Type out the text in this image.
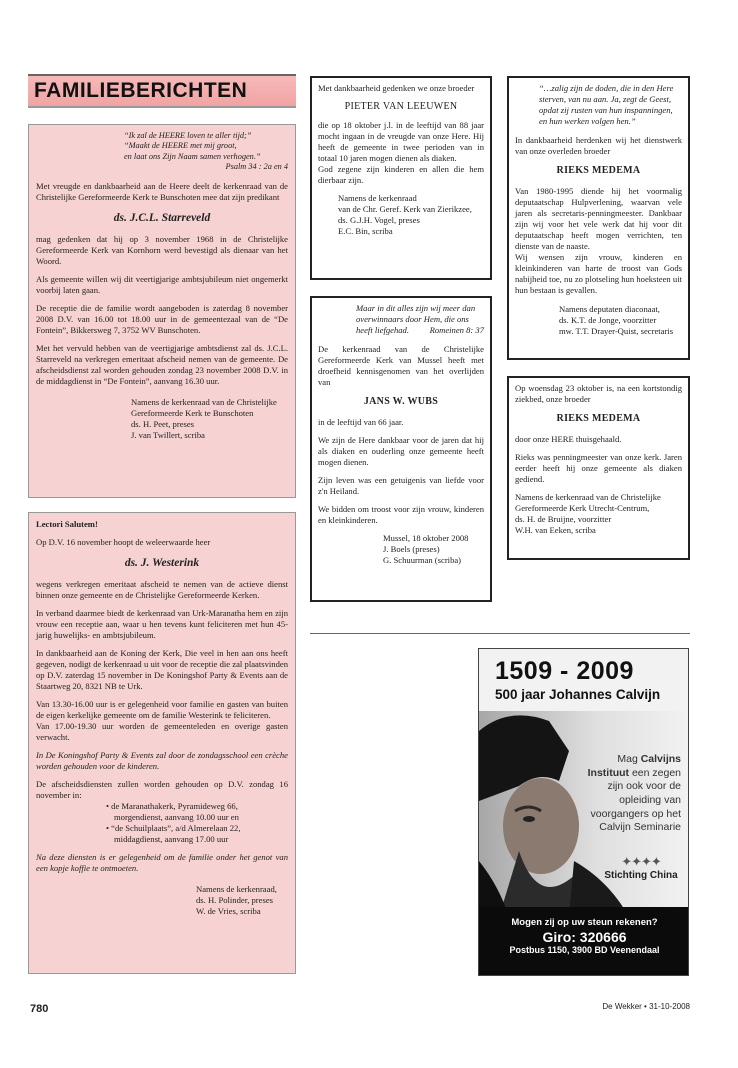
FAMILIEBERICHTEN
“Ik zal de HEERE loven te aller tijd;”
“Maakt de HEERE met mij groot,
en laat ons Zijn Naam samen verhogen.”
Psalm 34 : 2a en 4

Met vreugde en dankbaarheid aan de Heere deelt de kerkenraad van de Christelijke Gereformeerde Kerk te Bunschoten mee dat zijn predikant

ds. J.C.L. Starreveld

mag gedenken dat hij op 3 november 1968 in de Christelijke Gereformeerde Kerk van Kornhorn werd bevestigd als dienaar van het Woord.

Als gemeente willen wij dit veertigjarige ambtsjubileum niet ongemerkt voorbij laten gaan.

De receptie die de familie wordt aangeboden is zaterdag 8 november 2008 D.V. van 16.00 tot 18.00 uur in de gemeentezaal van de “De Fontein”, Bikkersweg 7, 3752 WV Bunschoten.

Met het vervuld hebben van de veertigjarige ambtsdienst zal ds. J.C.L. Starreveld na verkregen emeritaat afscheid nemen van de gemeente. De afscheidsdienst zal worden gehouden zondag 23 november 2008 D.V. in de middagdienst in “De Fontein”, aanvang 16.30 uur.

Namens de kerkenraad van de Christelijke
Gereformeerde Kerk te Bunschoten
ds. H. Peet, preses
J. van Twillert, scriba

Lectori Salutem!

Op D.V. 16 november hoopt de weleerwaarde heer

ds. J. Westerink

wegens verkregen emeritaat afscheid te nemen van de actieve dienst binnen onze gemeente en de Christelijke Gereformeerde Kerken.

In verband daarmee biedt de kerkenraad van Urk-Maranatha hem en zijn vrouw een receptie aan, waar u hen tevens kunt feliciteren met hun 45-jarig huwelijks- en ambtsjubileum.

In dankbaarheid aan de Koning der Kerk, Die veel in hen aan ons heeft gegeven, nodigt de kerkenraad u uit voor de receptie die zal plaatsvinden op D.V. zaterdag 15 november in De Koningshof Party & Events aan de Staartweg 20, 8321 NB te Urk.

Van 13.30-16.00 uur is er gelegenheid voor familie en gasten van buiten de eigen kerkelijke gemeente om de familie Westerink te feliciteren.

Van 17.00-19.30 uur worden de gemeenteleden en overige gasten verwacht.

In De Koningshof Party & Events zal door de zondagsschool een crèche worden gehouden voor de kinderen.

De afscheidsdiensten zullen worden gehouden op D.V. zondag 16 november in:

• de Maranathakerk, Pyramideweg 66,
morgendienst, aanvang 10.00 uur en
• “de Schuilplaats”, a/d Almerelaan 22,
middagdienst, aanvang 17.00 uur

Na deze diensten is er gelegenheid om de familie onder het genot van een kopje koffie te ontmoeten.

Namens de kerkenraad,
ds. H. Polinder, preses
W. de Vries, scriba

Met dankbaarheid gedenken we onze broeder

PIETER VAN LEEUWEN

die op 18 oktober j.l. in de leeftijd van 88 jaar mocht ingaan in de vreugde van onze Here. Hij heeft de gemeente in twee perioden van in totaal 10 jaren mogen dienen als diaken.

God zegene zijn kinderen en allen die hem dierbaar zijn.

Namens de kerkenraad
van de Chr. Geref. Kerk van Zierikzee,
ds. G.J.H. Vogel, preses
E.C. Bin, scriba
Maar in dit alles zijn wij meer dan
overwinnaars door Hem, die ons
heeft liefgehad. Romeinen 8: 37

De kerkenraad van de Christelijke Gereformeerde Kerk van Mussel heeft met droefheid kennisgenomen van het overlijden van

JANS W. WUBS

in de leeftijd van 66 jaar.

We zijn de Here dankbaar voor de jaren dat hij als diaken en ouderling onze gemeente heeft mogen dienen.

Zijn leven was een getuigenis van liefde voor z'n Heiland.

We bidden om troost voor zijn vrouw, kinderen en kleinkinderen.

Mussel, 18 oktober 2008
J. Boels (preses)
G. Schuurman (scriba)
“…zalig zijn de doden, die in den Here
sterven, van nu aan. Ja, zegt de Geest,
opdat zij rusten van hun inspanningen,
en hun werken volgen hen.”

In dankbaarheid herdenken wij het dienstwerk van onze overleden broeder

RIEKS MEDEMA

Van 1980-1995 diende hij het voormalig deputaatschap Hulpverlening, waarvan vele jaren als secretaris-penningmeester. Dankbaar zijn wij voor het vele werk dat hij voor dit deputaatschap heeft mogen verrichten, ten dienste van de naaste.

Wij wensen zijn vrouw, kinderen en kleinkinderen van harte de troost van Gods nabijheid toe, nu zo plotseling hun hoeksteen uit hun bestaan is gevallen.

Namens deputaten diaconaat,
ds. K.T. de Jonge, voorzitter
mw. T.T. Drayer-Quist, secretaris

Op woensdag 23 oktober is, na een kortstondig ziekbed, onze broeder

RIEKS MEDEMA

door onze HERE thuisgehaald.

Rieks was penningmeester van onze kerk. Jaren eerder heeft hij onze gemeente als diaken gediend.

Namens de kerkenraad van de Christelijke
Gereformeerde Kerk Utrecht-Centrum,
ds. H. de Bruijne, voorzitter
W.H. van Eeken, scriba
1509 - 2009
500 jaar Johannes Calvijn
Mag Calvijns Instituut een zegen zijn ook voor de opleiding van voorgangers op het Calvijn Seminarie
✦✦✦✦
Stichting China
Mogen zij op uw steun rekenen?
Giro: 320666
Postbus 1150, 3900 BD Veenendaal
780	De Wekker • 31-10-2008
